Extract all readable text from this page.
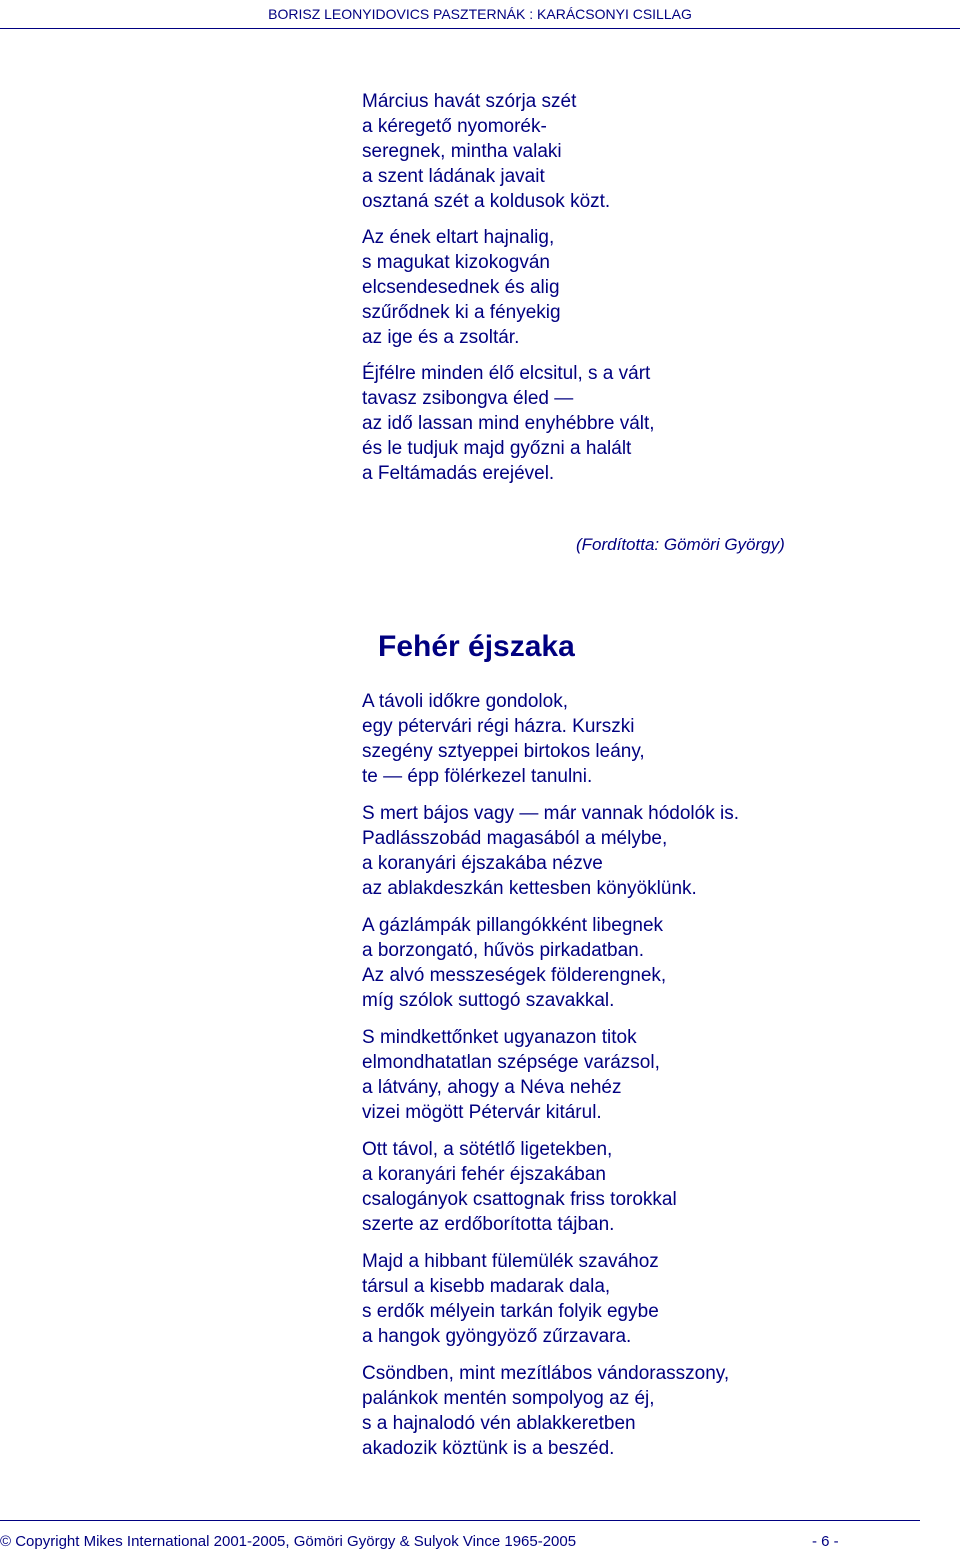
BORISZ LEONYIDOVICS PASZTERNÁK : KARÁCSONYI CSILLAG
Március havát szórja szét
a kéregető nyomorék-
seregnek, mintha valaki
a szent ládának javait
osztaná szét a koldusok közt.
Az ének eltart hajnalig,
s magukat kizokogván
elcsendesednek és alig
szűrődnek ki a fényekig
az ige és a zsoltár.
Éjfélre minden élő elcsitul, s a várt
tavasz zsibongva éled —
az idő lassan mind enyhébbre vált,
és le tudjuk majd győzni a halált
a Feltámadás erejével.
(Fordította: Gömöri György)
Fehér éjszaka
A távoli időkre gondolok,
egy pétervári régi házra. Kurszki
szegény sztyeppei birtokos leány,
te — épp fölérkezel tanulni.
S mert bájos vagy — már vannak hódolók is.
Padlásszobád magasából a mélybe,
a koranyári éjszakába nézve
az ablakdeszkán kettesben könyöklünk.
A gázlámpák pillangókként libegnek
a borzongató, hűvös pirkadatban.
Az alvó messzeségek földerengnek,
míg szólok suttogó szavakkal.
S mindkettőnket ugyanazon titok
elmondhatatlan szépsége varázsol,
a látvány, ahogy a Néva nehéz
vizei mögött Pétervár kitárul.
Ott távol, a sötétlő ligetekben,
a koranyári fehér éjszakában
csalogányok csattognak friss torokkal
szerte az erdőborította tájban.
Majd a hibbant fülemülék szavához
társul a kisebb madarak dala,
s erdők mélyein tarkán folyik egybe
a hangok gyöngyöző zűrzavara.
Csöndben, mint mezítlábos vándorasszony,
palánkok mentén sompolyog az éj,
s a hajnalodó vén ablakkeretben
akadozik köztünk is a beszéd.
© Copyright Mikes International 2001-2005, Gömöri György & Sulyok Vince 1965-2005	- 6 -
